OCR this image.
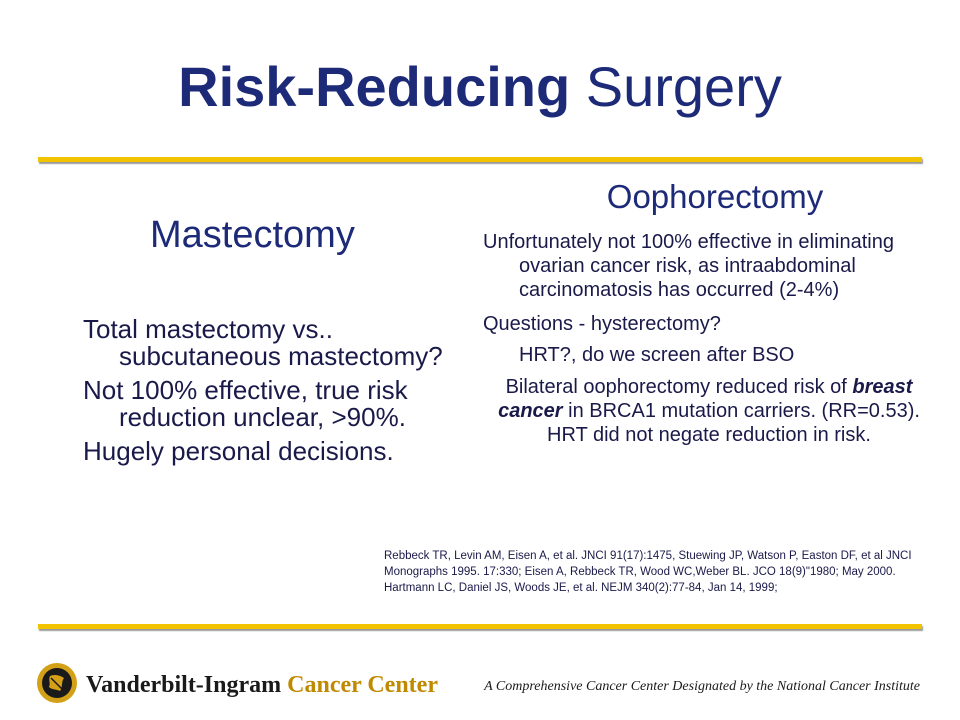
Risk-Reducing Surgery
Mastectomy
Total mastectomy vs.. subcutaneous mastectomy?
Not 100% effective, true risk reduction unclear, >90%.
Hugely personal decisions.
Oophorectomy
Unfortunately not 100% effective in eliminating ovarian cancer risk, as intraabdominal carcinomatosis has occurred (2-4%)
Questions - hysterectomy?
HRT?, do we screen after BSO
Bilateral oophorectomy reduced risk of breast cancer in BRCA1 mutation carriers. (RR=0.53). HRT did not negate reduction in risk.
Rebbeck TR, Levin AM, Eisen A, et al. JNCI 91(17):1475, Stuewing JP, Watson P, Easton DF, et al JNCI Monographs 1995. 17:330; Eisen A, Rebbeck TR, Wood WC,Weber BL. JCO 18(9)"1980; May 2000. Hartmann LC, Daniel JS, Woods JE, et al. NEJM 340(2):77-84, Jan 14, 1999;
Vanderbilt-Ingram Cancer Center	A Comprehensive Cancer Center Designated by the National Cancer Institute
